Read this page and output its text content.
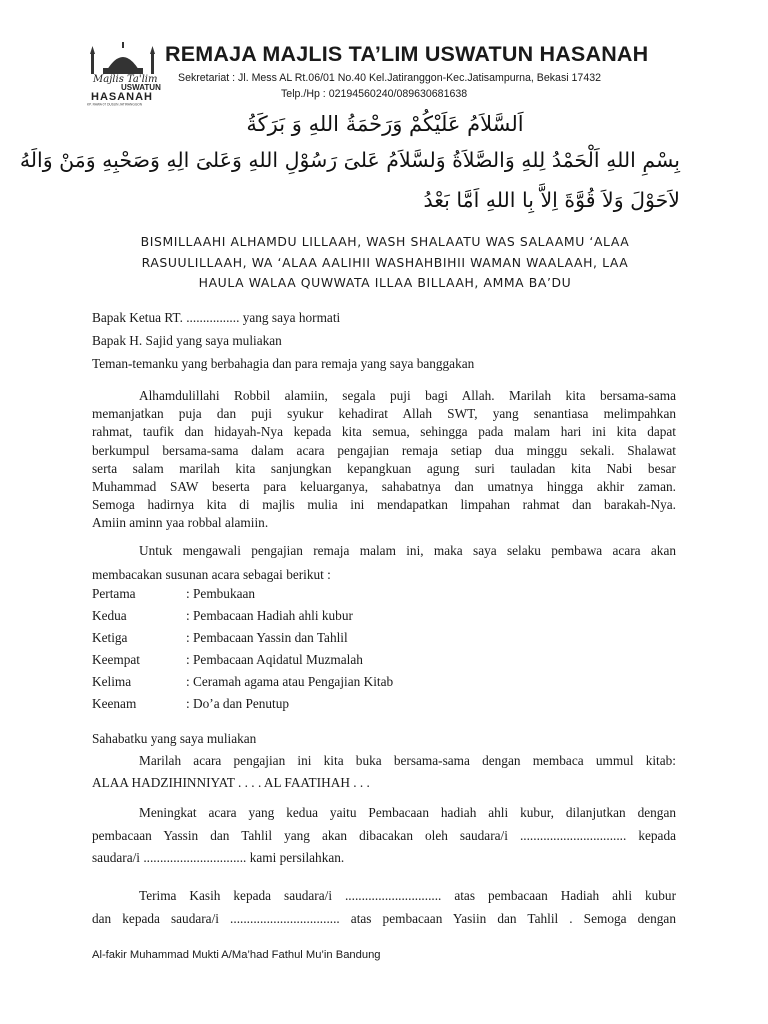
Majlis Ta'lim
USWATUN
HASANAH
KP. RAWA 07 DUSUN JATIRANGGON
REMAJA MAJLIS TA’LIM USWATUN HASANAH
Sekretariat : Jl. Mess AL Rt.06/01 No.40 Kel.Jatiranggon-Kec.Jatisampurna, Bekasi 17432
Telp./Hp : 02194560240/089630681638
اَلسَّلاَمُ عَلَيْكُمْ وَرَحْمَةُ اللهِ وَ بَرَكَةُ
بِسْمِ اللهِ اَلْحَمْدُ لِلهِ وَالصَّلاَةُ وَلسَّلاَمُ عَلىَ رَسُوْلِ اللهِ وَعَلىَ الِهِ وَصَحْبِهِ وَمَنْ وَالَهُ
لاَحَوْلَ وَلاَ قُوَّةَ اِلاَّ بِا اللهِ اَمَّا بَعْدُ
BISMILLAAHI ALHAMDU LILLAAH, WASH SHALAATU WAS SALAAMU ‘ALAA
RASUULILLAAH, WA ‘ALAA AALIHII WASHAHBIHII WAMAN WAALAAH, LAA
HAULA WALAA QUWWATA ILLAA BILLAAH, AMMA BA’DU
Bapak Ketua RT. ................ yang saya hormati
Bapak H. Sajid yang saya muliakan
Teman-temanku yang berbahagia dan para remaja yang saya banggakan
Alhamdulillahi Robbil alamiin, segala puji bagi Allah. Marilah kita bersama-sama
memanjatkan puja dan puji syukur kehadirat Allah SWT, yang senantiasa melimpahkan
rahmat, taufik dan hidayah-Nya kepada kita semua, sehingga pada malam hari ini kita dapat
berkumpul bersama-sama dalam acara pengajian remaja setiap dua minggu sekali. Shalawat
serta salam marilah kita sanjungkan kepangkuan agung suri tauladan kita Nabi besar
Muhammad SAW beserta para keluarganya, sahabatnya dan umatnya hingga akhir zaman.
Semoga hadirnya kita di majlis mulia ini mendapatkan limpahan rahmat dan barakah-Nya.
Amiin aminn yaa robbal alamiin.
Untuk mengawali pengajian remaja malam ini, maka saya selaku pembawa acara akan
membacakan susunan acara sebagai berikut :
Pertama	: Pembukaan
Kedua	: Pembacaan Hadiah ahli kubur
Ketiga	: Pembacaan Yassin dan Tahlil
Keempat	: Pembacaan Aqidatul Muzmalah
Kelima	: Ceramah agama atau Pengajian Kitab
Keenam	: Do’a dan Penutup
Sahabatku yang saya muliakan
Marilah acara pengajian ini kita buka bersama-sama dengan membaca ummul kitab:
ALAA HADZIHINNIYAT . . . . AL FAATIHAH . . .
Meningkat acara yang kedua yaitu Pembacaan hadiah ahli kubur, dilanjutkan dengan
pembacaan Yassin dan Tahlil yang akan dibacakan oleh saudara/i ................................ kepada
saudara/i ............................... kami persilahkan.
Terima Kasih kepada saudara/i ............................. atas pembacaan Hadiah ahli kubur
dan kepada saudara/i ................................. atas pembacaan Yasiin dan Tahlil . Semoga dengan
Al-fakir Muhammad Mukti A/Ma’had Fathul Mu’in Bandung
